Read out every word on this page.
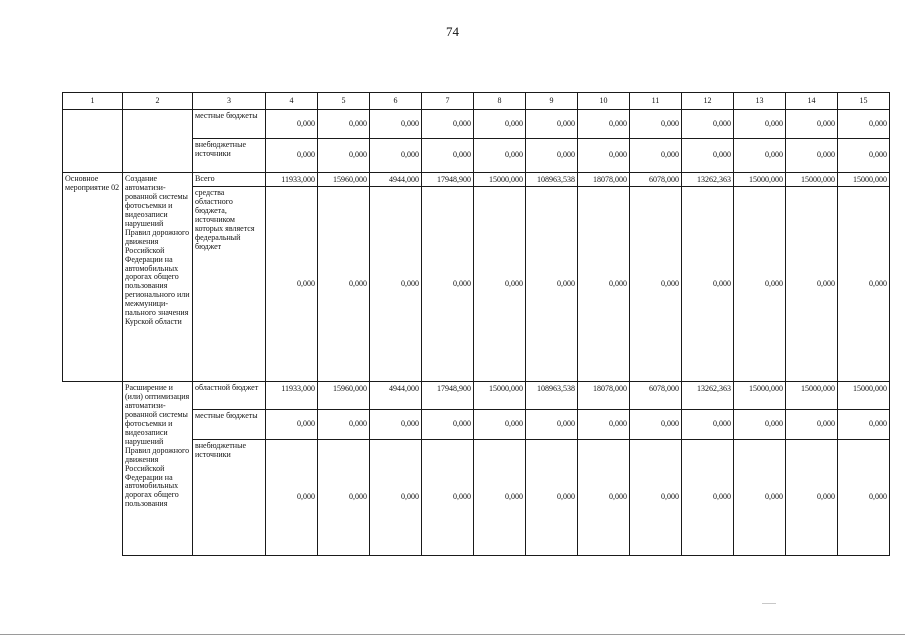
74
1	2	3	4	5	6	7	8	9	10	11	12	13	14	15
		местные бюджеты	0,000	0,000	0,000	0,000	0,000	0,000	0,000	0,000	0,000	0,000	0,000	0,000
		внебюджетные источники	0,000	0,000	0,000	0,000	0,000	0,000	0,000	0,000	0,000	0,000	0,000	0,000
Основное мероприятие 02	Создание автоматизи-рованной системы фотосъемки и видеозаписи нарушений Правил дорожного движения Российской Федерации на автомобильных дорогах общего пользования регионального или межмуници-пального значения Курской области	Всего	11933,000	15960,000	4944,000	17948,900	15000,000	108963,538	18078,000	6078,000	13262,363	15000,000	15000,000	15000,000
		средства областного бюджета, источником которых является федеральный бюджет	0,000	0,000	0,000	0,000	0,000	0,000	0,000	0,000	0,000	0,000	0,000	0,000
	Расширение и (или) оптимизация автоматизи-рованной системы фотосъемки и видеозаписи нарушений Правил дорожного движения Российской Федерации на автомобильных дорогах общего пользования	областной бюджет	11933,000	15960,000	4944,000	17948,900	15000,000	108963,538	18078,000	6078,000	13262,363	15000,000	15000,000	15000,000
		местные бюджеты	0,000	0,000	0,000	0,000	0,000	0,000	0,000	0,000	0,000	0,000	0,000	0,000
		внебюджетные источники	0,000	0,000	0,000	0,000	0,000	0,000	0,000	0,000	0,000	0,000	0,000	0,000
